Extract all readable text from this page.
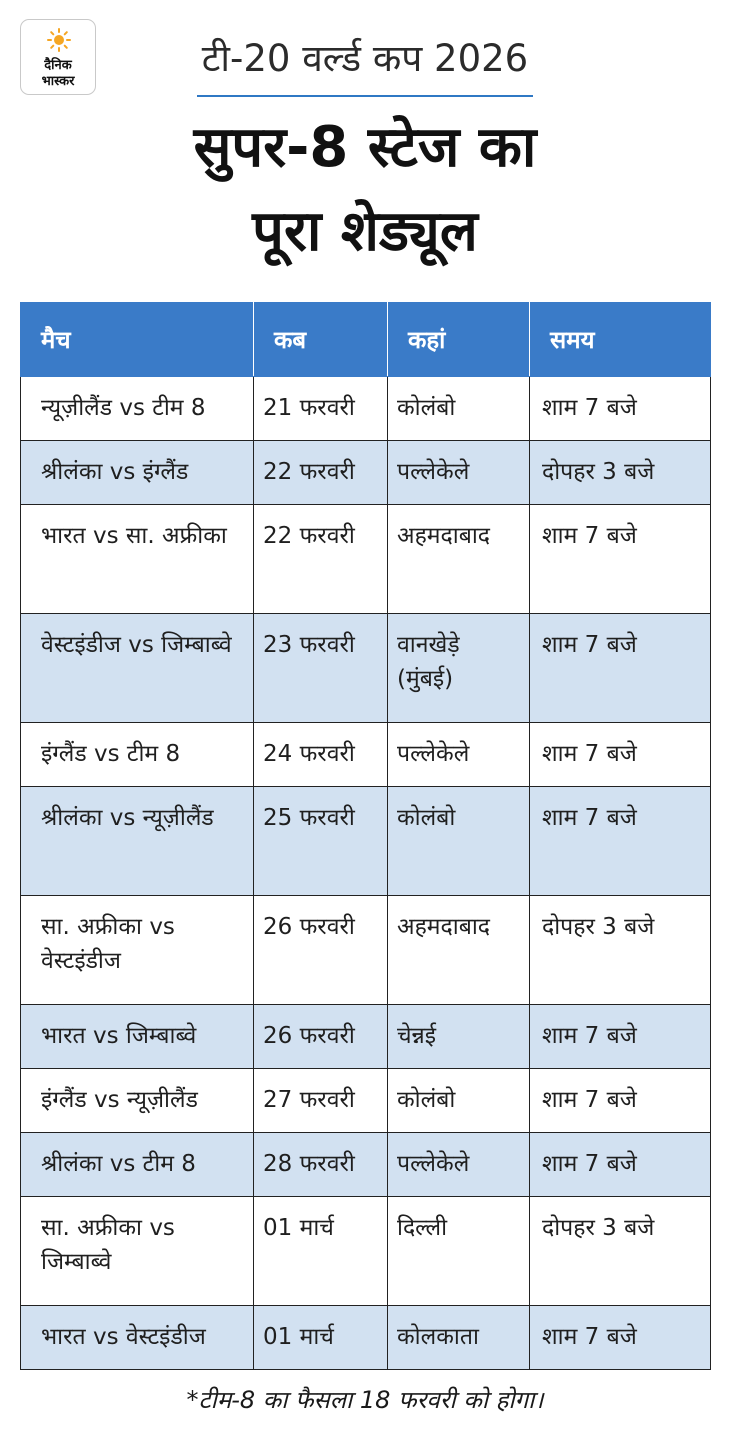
दैनिक
भास्कर
टी-20 वर्ल्ड कप 2026
सुपर-8 स्टेज का
पूरा शेड्यूल
मैच	कब	कहां	समय
न्यूज़ीलैंड vs टीम 8	21 फरवरी	कोलंबो	शाम 7 बजे
श्रीलंका vs इंग्लैंड	22 फरवरी	पल्लेकेले	दोपहर 3 बजे
भारत vs सा. अफ्रीका	22 फरवरी	अहमदाबाद	शाम 7 बजे
वेस्टइंडीज vs जिम्बाब्वे	23 फरवरी	वानखेड़े (मुंबई)	शाम 7 बजे
इंग्लैंड vs टीम 8	24 फरवरी	पल्लेकेले	शाम 7 बजे
श्रीलंका vs न्यूज़ीलैंड	25 फरवरी	कोलंबो	शाम 7 बजे
सा. अफ्रीका vs वेस्टइंडीज	26 फरवरी	अहमदाबाद	दोपहर 3 बजे
भारत vs जिम्बाब्वे	26 फरवरी	चेन्नई	शाम 7 बजे
इंग्लैंड vs न्यूज़ीलैंड	27 फरवरी	कोलंबो	शाम 7 बजे
श्रीलंका vs टीम 8	28 फरवरी	पल्लेकेले	शाम 7 बजे
सा. अफ्रीका vs जिम्बाब्वे	01 मार्च	दिल्ली	दोपहर 3 बजे
भारत vs वेस्टइंडीज	01 मार्च	कोलकाता	शाम 7 बजे
*टीम-8 का फैसला 18 फरवरी को होगा।
